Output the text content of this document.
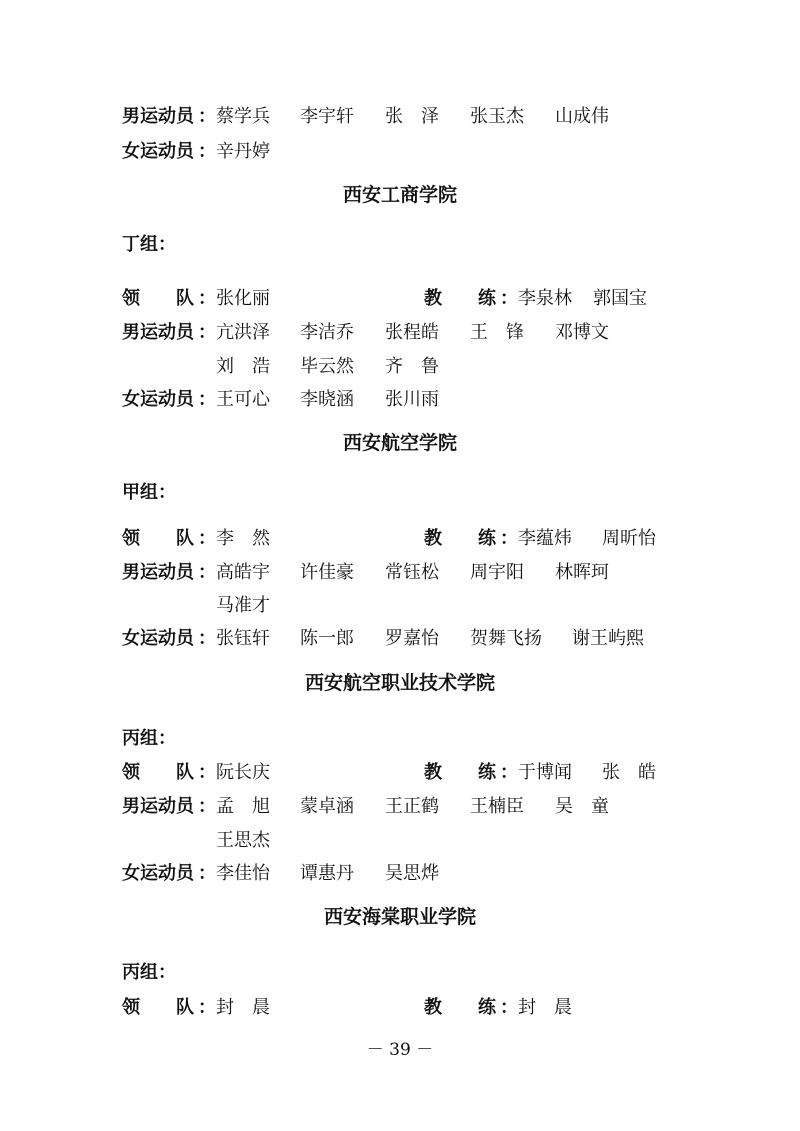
男运动员 ： 蔡学兵 李宇轩 张　泽 张玉杰 山成伟
女运动员 ： 辛丹婷
西安工商学院
丁组：
领　　队 ： 张化丽	教　　练 ： 李泉林 郭国宝
男运动员 ： 亢洪泽 李洁乔 张程皓 王　锋 邓博文
刘　浩 毕云然 齐　鲁
女运动员 ： 王可心 李晓涵 张川雨
西安航空学院
甲组：
领　　队 ： 李　然	教　　练 ： 李蕴炜 周昕怡
男运动员 ： 高皓宇 许佳豪 常钰松 周宇阳 林晖珂
马准才
女运动员 ： 张钰轩 陈一郎 罗嘉怡 贺舞飞扬 谢王屿熙
西安航空职业技术学院
丙组：
领　　队 ： 阮长庆	教　　练 ： 于博闻 张　皓
男运动员 ： 孟　旭 蒙卓涵 王正鹤 王楠臣 吴　童
王思杰
女运动员 ： 李佳怡 谭惠丹 吴思烨
西安海棠职业学院
丙组：
领　　队 ： 封　晨	教　　练 ： 封　晨
－ 39 －
